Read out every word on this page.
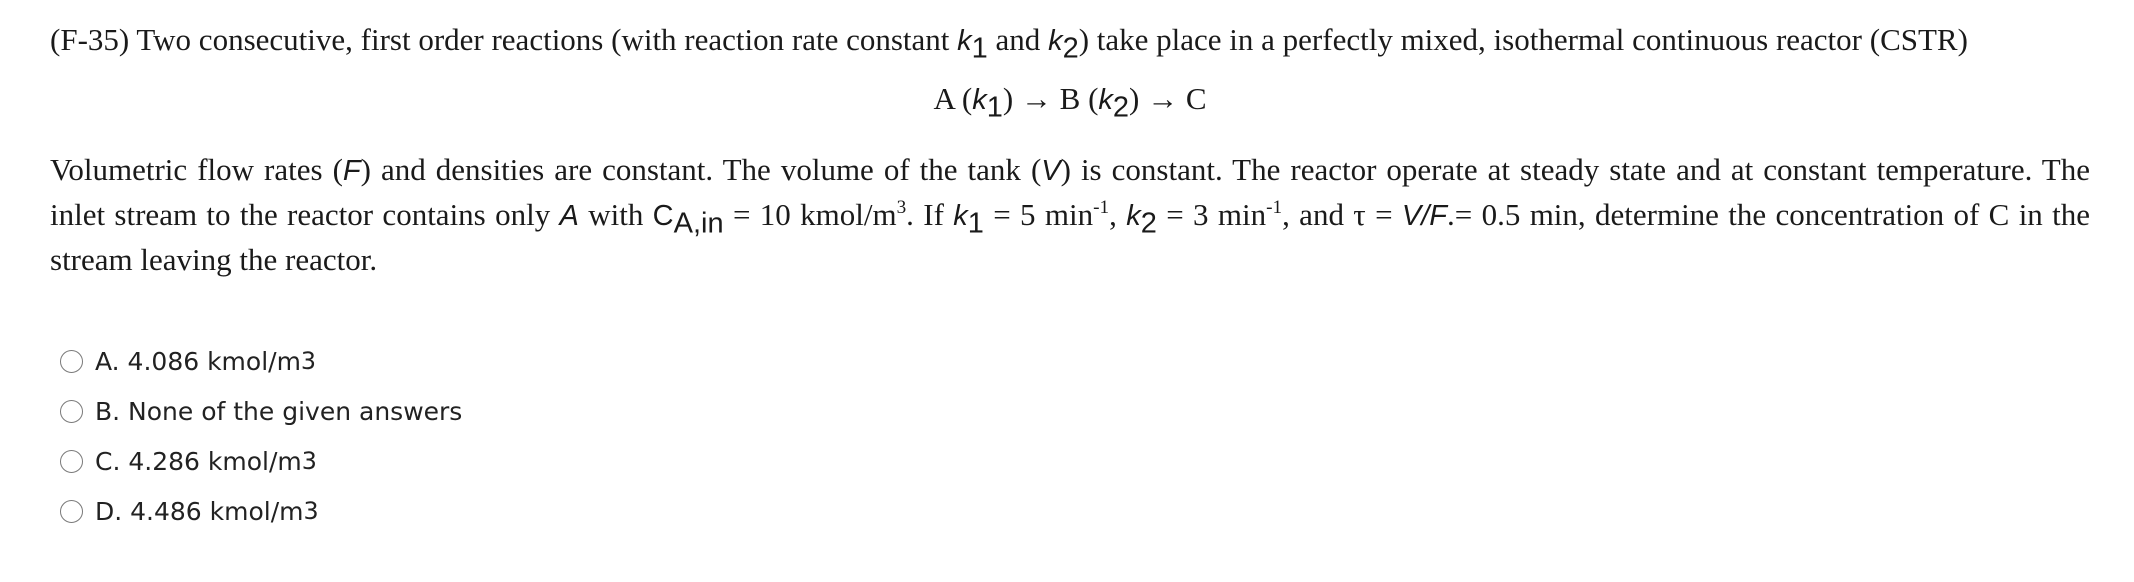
(F-35) Two consecutive, first order reactions (with reaction rate constant $k_1$ and $k_2$) take place in a perfectly mixed, isothermal continuous reactor (CSTR)
A $(k_1) \to B$ $(k_2) \to C$
Volumetric flow rates (F) and densities are constant. The volume of the tank (V) is constant. The reactor operate at steady state and at constant temperature. The inlet stream to the reactor contains only A with $C_{A,in} = 10$ kmol/$m^3$. If $k_1 = 5$ $\min^{-1}$, $k_2 = 3$ $\min^{-1}$, and τ = V/F.= 0.5 min, determine the concentration of C in the stream leaving the reactor.
A. 4.086 kmol/m 3
B. None of the given answers
C. 4.286 kmol/m 3
D. 4.486 kmol/m 3
